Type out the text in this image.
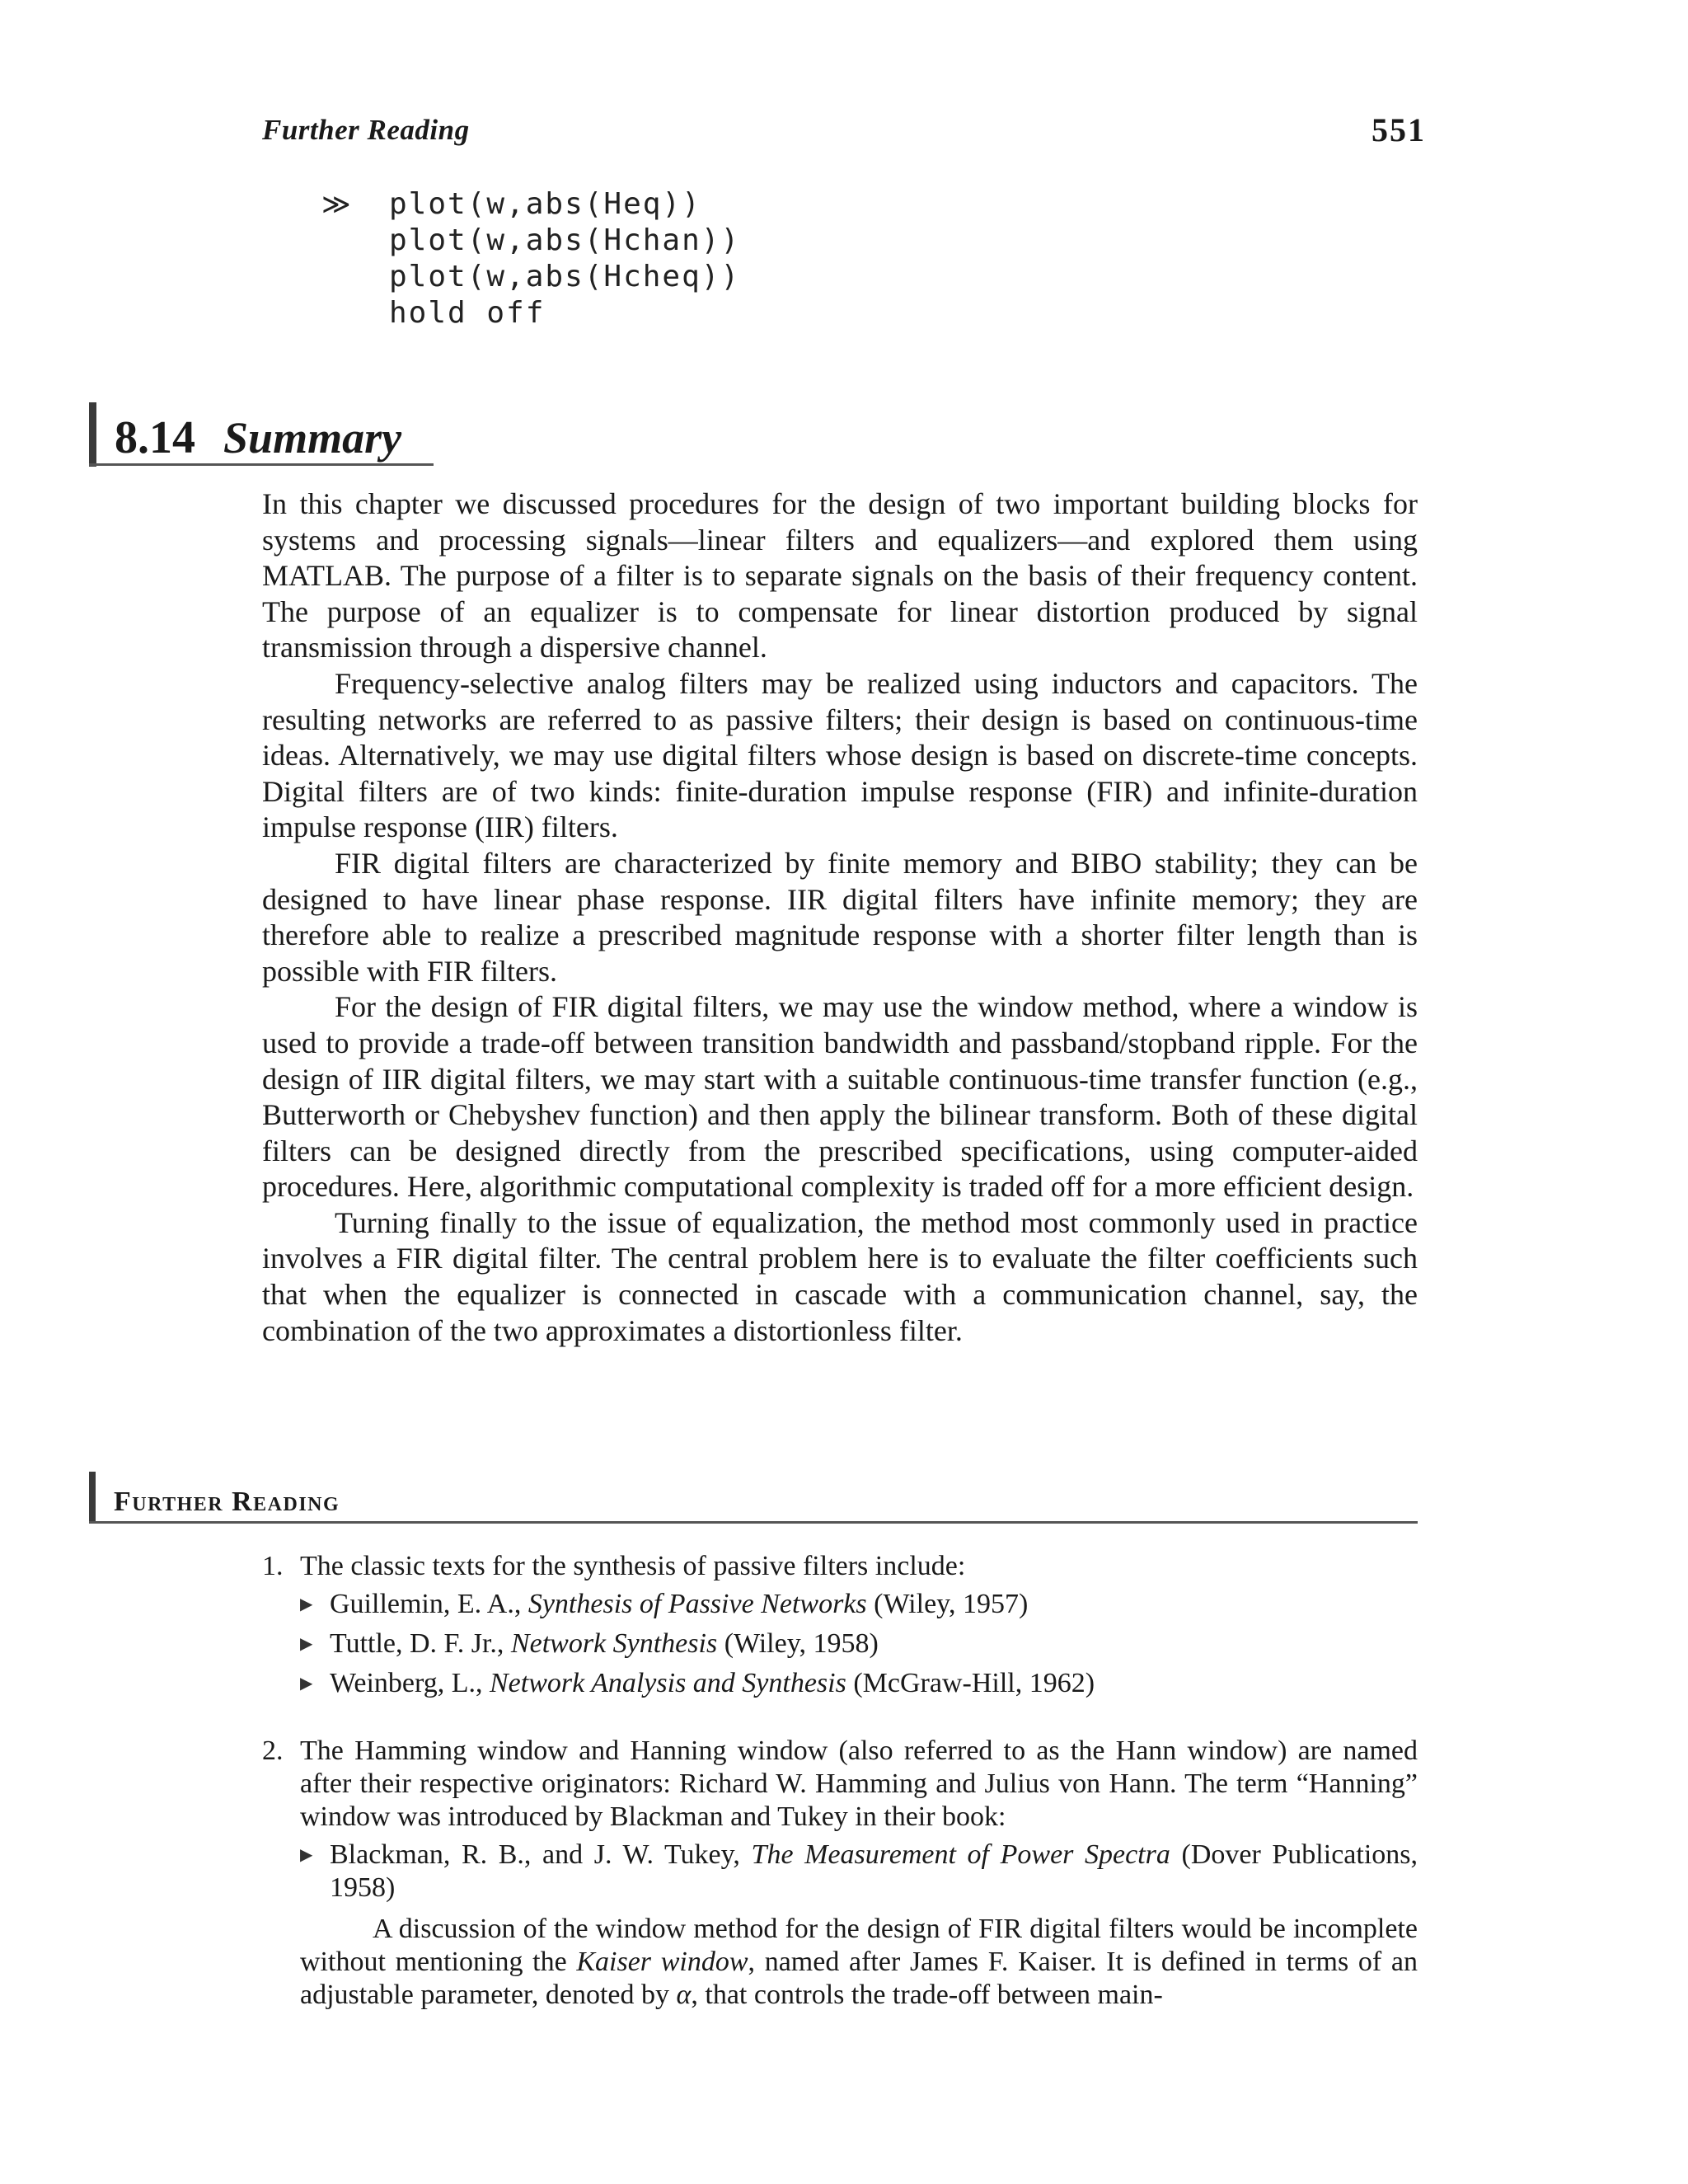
Further Reading	551
≫ plot(w,abs(Heq))
plot(w,abs(Hchan))
plot(w,abs(Hcheq))
hold off
8.14 Summary

In this chapter we discussed procedures for the design of two important building blocks for systems and processing signals—linear filters and equalizers—and explored them using MATLAB. The purpose of a filter is to separate signals on the basis of their frequency content. The purpose of an equalizer is to compensate for linear distortion produced by signal transmission through a dispersive channel.

Frequency-selective analog filters may be realized using inductors and capacitors. The resulting networks are referred to as passive filters; their design is based on continuous-time ideas. Alternatively, we may use digital filters whose design is based on discrete-time concepts. Digital filters are of two kinds: finite-duration impulse response (FIR) and infinite-duration impulse response (IIR) filters.

FIR digital filters are characterized by finite memory and BIBO stability; they can be designed to have linear phase response. IIR digital filters have infinite memory; they are therefore able to realize a prescribed magnitude response with a shorter filter length than is possible with FIR filters.

For the design of FIR digital filters, we may use the window method, where a window is used to provide a trade-off between transition bandwidth and passband/stopband ripple. For the design of IIR digital filters, we may start with a suitable continuous-time transfer function (e.g., Butterworth or Chebyshev function) and then apply the bilinear transform. Both of these digital filters can be designed directly from the prescribed specifications, using computer-aided procedures. Here, algorithmic computational complexity is traded off for a more efficient design.

Turning finally to the issue of equalization, the method most commonly used in practice involves a FIR digital filter. The central problem here is to evaluate the filter coefficients such that when the equalizer is connected in cascade with a communication channel, say, the combination of the two approximates a distortionless filter.

Further Reading
1. The classic texts for the synthesis of passive filters include:
▶ Guillemin, E. A., Synthesis of Passive Networks (Wiley, 1957)
▶ Tuttle, D. F. Jr., Network Synthesis (Wiley, 1958)
▶ Weinberg, L., Network Analysis and Synthesis (McGraw-Hill, 1962)
2. The Hamming window and Hanning window (also referred to as the Hann window) are named after their respective originators: Richard W. Hamming and Julius von Hann. The term “Hanning” window was introduced by Blackman and Tukey in their book:
▶ Blackman, R. B., and J. W. Tukey, The Measurement of Power Spectra (Dover Publications, 1958)

A discussion of the window method for the design of FIR digital filters would be incomplete without mentioning the Kaiser window, named after James F. Kaiser. It is defined in terms of an adjustable parameter, denoted by α, that controls the trade-off between main-
